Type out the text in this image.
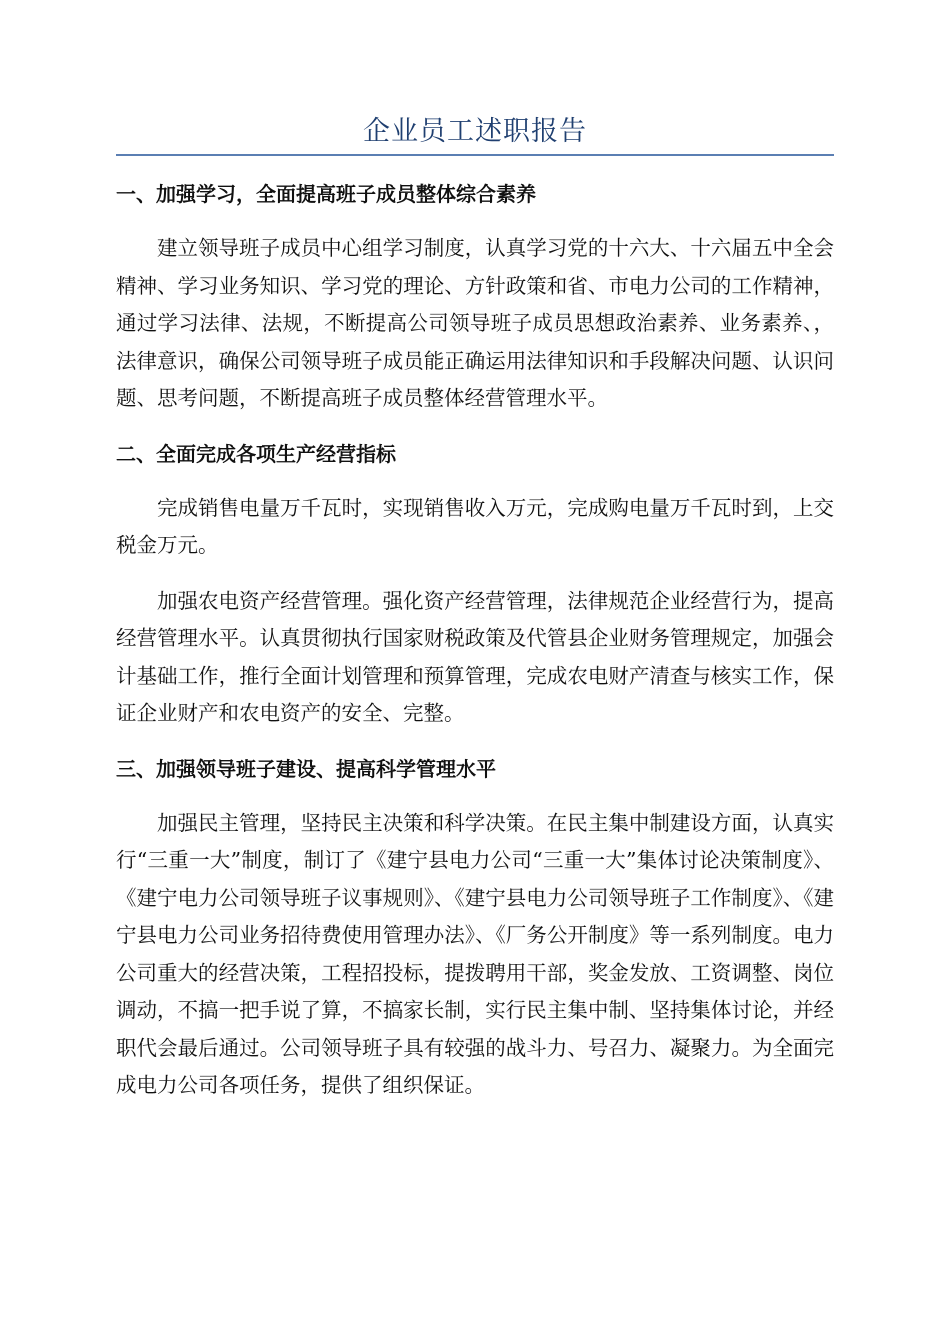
企业员工述职报告
一、加强学习，全面提高班子成员整体综合素养

建立领导班子成员中心组学习制度，认真学习党的十六大、十六届五中全会精神、学习业务知识、学习党的理论、方针政策和省、市电力公司的工作精神，通过学习法律、法规，不断提高公司领导班子成员思想政治素养、业务素养、，法律意识，确保公司领导班子成员能正确运用法律知识和手段解决问题、认识问题、思考问题，不断提高班子成员整体经营管理水平。

二、全面完成各项生产经营指标

完成销售电量万千瓦时，实现销售收入万元，完成购电量万千瓦时到，上交税金万元。

加强农电资产经营管理。强化资产经营管理，法律规范企业经营行为，提高经营管理水平。认真贯彻执行国家财税政策及代管县企业财务管理规定，加强会计基础工作，推行全面计划管理和预算管理，完成农电财产清查与核实工作，保证企业财产和农电资产的安全、完整。

三、加强领导班子建设、提高科学管理水平

加强民主管理，坚持民主决策和科学决策。在民主集中制建设方面，认真实行“三重一大”制度，制订了《建宁县电力公司“三重一大”集体讨论决策制度》、《建宁电力公司领导班子议事规则》、《建宁县电力公司领导班子工作制度》、《建宁县电力公司业务招待费使用管理办法》、《厂务公开制度》等一系列制度。电力公司重大的经营决策，工程招投标，提拨聘用干部，奖金发放、工资调整、岗位调动，不搞一把手说了算，不搞家长制，实行民主集中制、坚持集体讨论，并经职代会最后通过。公司领导班子具有较强的战斗力、号召力、凝聚力。为全面完成电力公司各项任务，提供了组织保证。
